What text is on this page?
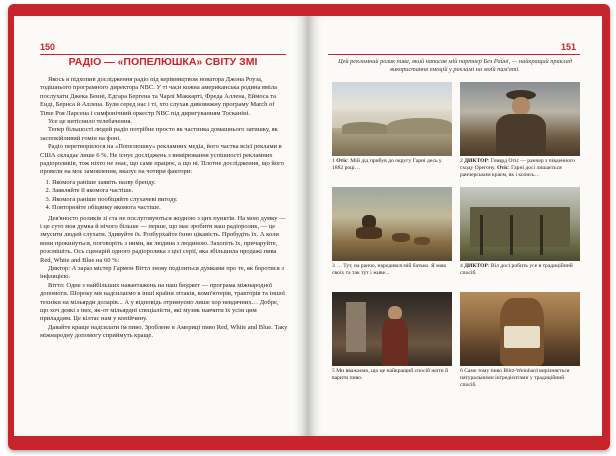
150
РАДІО — «ПОПЕЛЮШКА» СВІТУ ЗМІ

Якось я підхопив дослідження радіо під керівництвом новатора Джона Роуза, тодішнього програмного директора NBC. У ті часи кожна американська родина вміла послухати Джека Бенні, Едгара Бергена та Чарлі Маккарті, Фреда Аллена, Еймоса та Енді, Бернса й Аллена. Були серед нас і ті, хто слухав дивовижну програму March of Time Роя Ларсена і симфонічний оркестр NBC під диригуванням Тосканіні.

Усе це витіснило телебачення.

Тепер більшості людей радіо потрібне просто як частинка домашнього затишку, як заспокійливий гомін на фоні.

Радіо перетворилося на «Попелюшку» рекламних медіа, його частка всієї реклами в США складає лише 6 %. Не існує досліджень з вимірювання успішності рекламних радіороликів, тож ніхто не знає, що саме працює, а що ні. Плотне дослідження, що його провели на моє замовлення, вказує на чотири фактори:

1. Якомога раніше заявіть назву бренду.
2. Заявляйте її якомога частіше.
3. Якомога раніше пообіцяйте слухачеві вигоду.
4. Повторюйте обіцянку якомога частіше.

Дев'яносто роликів зі ста не послуговуються жодною з цих пунктів. На мою думку — і це суто моя думка й нічого більше — перше, що має зробити ваш радіоролик, — це змусити людей слухати. Здивуйте їх. Розбурхайте їхню цікавість. Пробудіть їх. А коли вони прокинуться, поговоріть з ними, як людина з людиною. Захопіть їх, причаруйте, розсмішіть. Ось сценарій одного радіоролика з цієї серії, яка збільшила продажі пива Red, White and Blue на 60 %:

Диктор: А зараз містер Гармон Віттл знову поділиться думками про те, як боротися з інфляцією.

Віттл: Одне з найбільших навантажень на наш бюджет — програма міжнародної допомоги. Шорокy ми надсилаємо в інші країни літаків, комп'ютерів, тракторів та іншої техніки на мільярди доларів... А у відповідь отримуємо лише хор невдячних… Добре, що хоч деякі з них, як-от мільярдні спеціалісти, які музик навчити їх усім цим приладдям. Це кілтас нам у копійчину.

Давайте краще надсилати їм пиво. Зроблене в Америці пиво Red, White and Blue. Таку міжнародну допомогу сприймуть краще.

151
Цей рекламний ролик пива, який написав мій партнер Без Райні, — найкращий приклад використання емоцій у рекламі на моїй пам'яті.
1 Отіс: Мій дід прибув до округу Гарні десь у 1882 році…
2 ДИКТОР: Говард Отіс — ранчер з південного сходу Орегону. Отіс: Гарні досі лишається ранчерським краєм, як і колись…
3 … Тут, на ранчо, народився мій батько. Я маю своїх та так тут і живе…
4 ДИКТОР: Віл досі робить усе в традиційний спосіб.
5 Ми вважаємо, що це найкращий спосіб жити й варити пиво.
6 Саме тому пиво Blitz-Weinhard вирізняється натуральними інгредієнтами у традиційний спосіб.
